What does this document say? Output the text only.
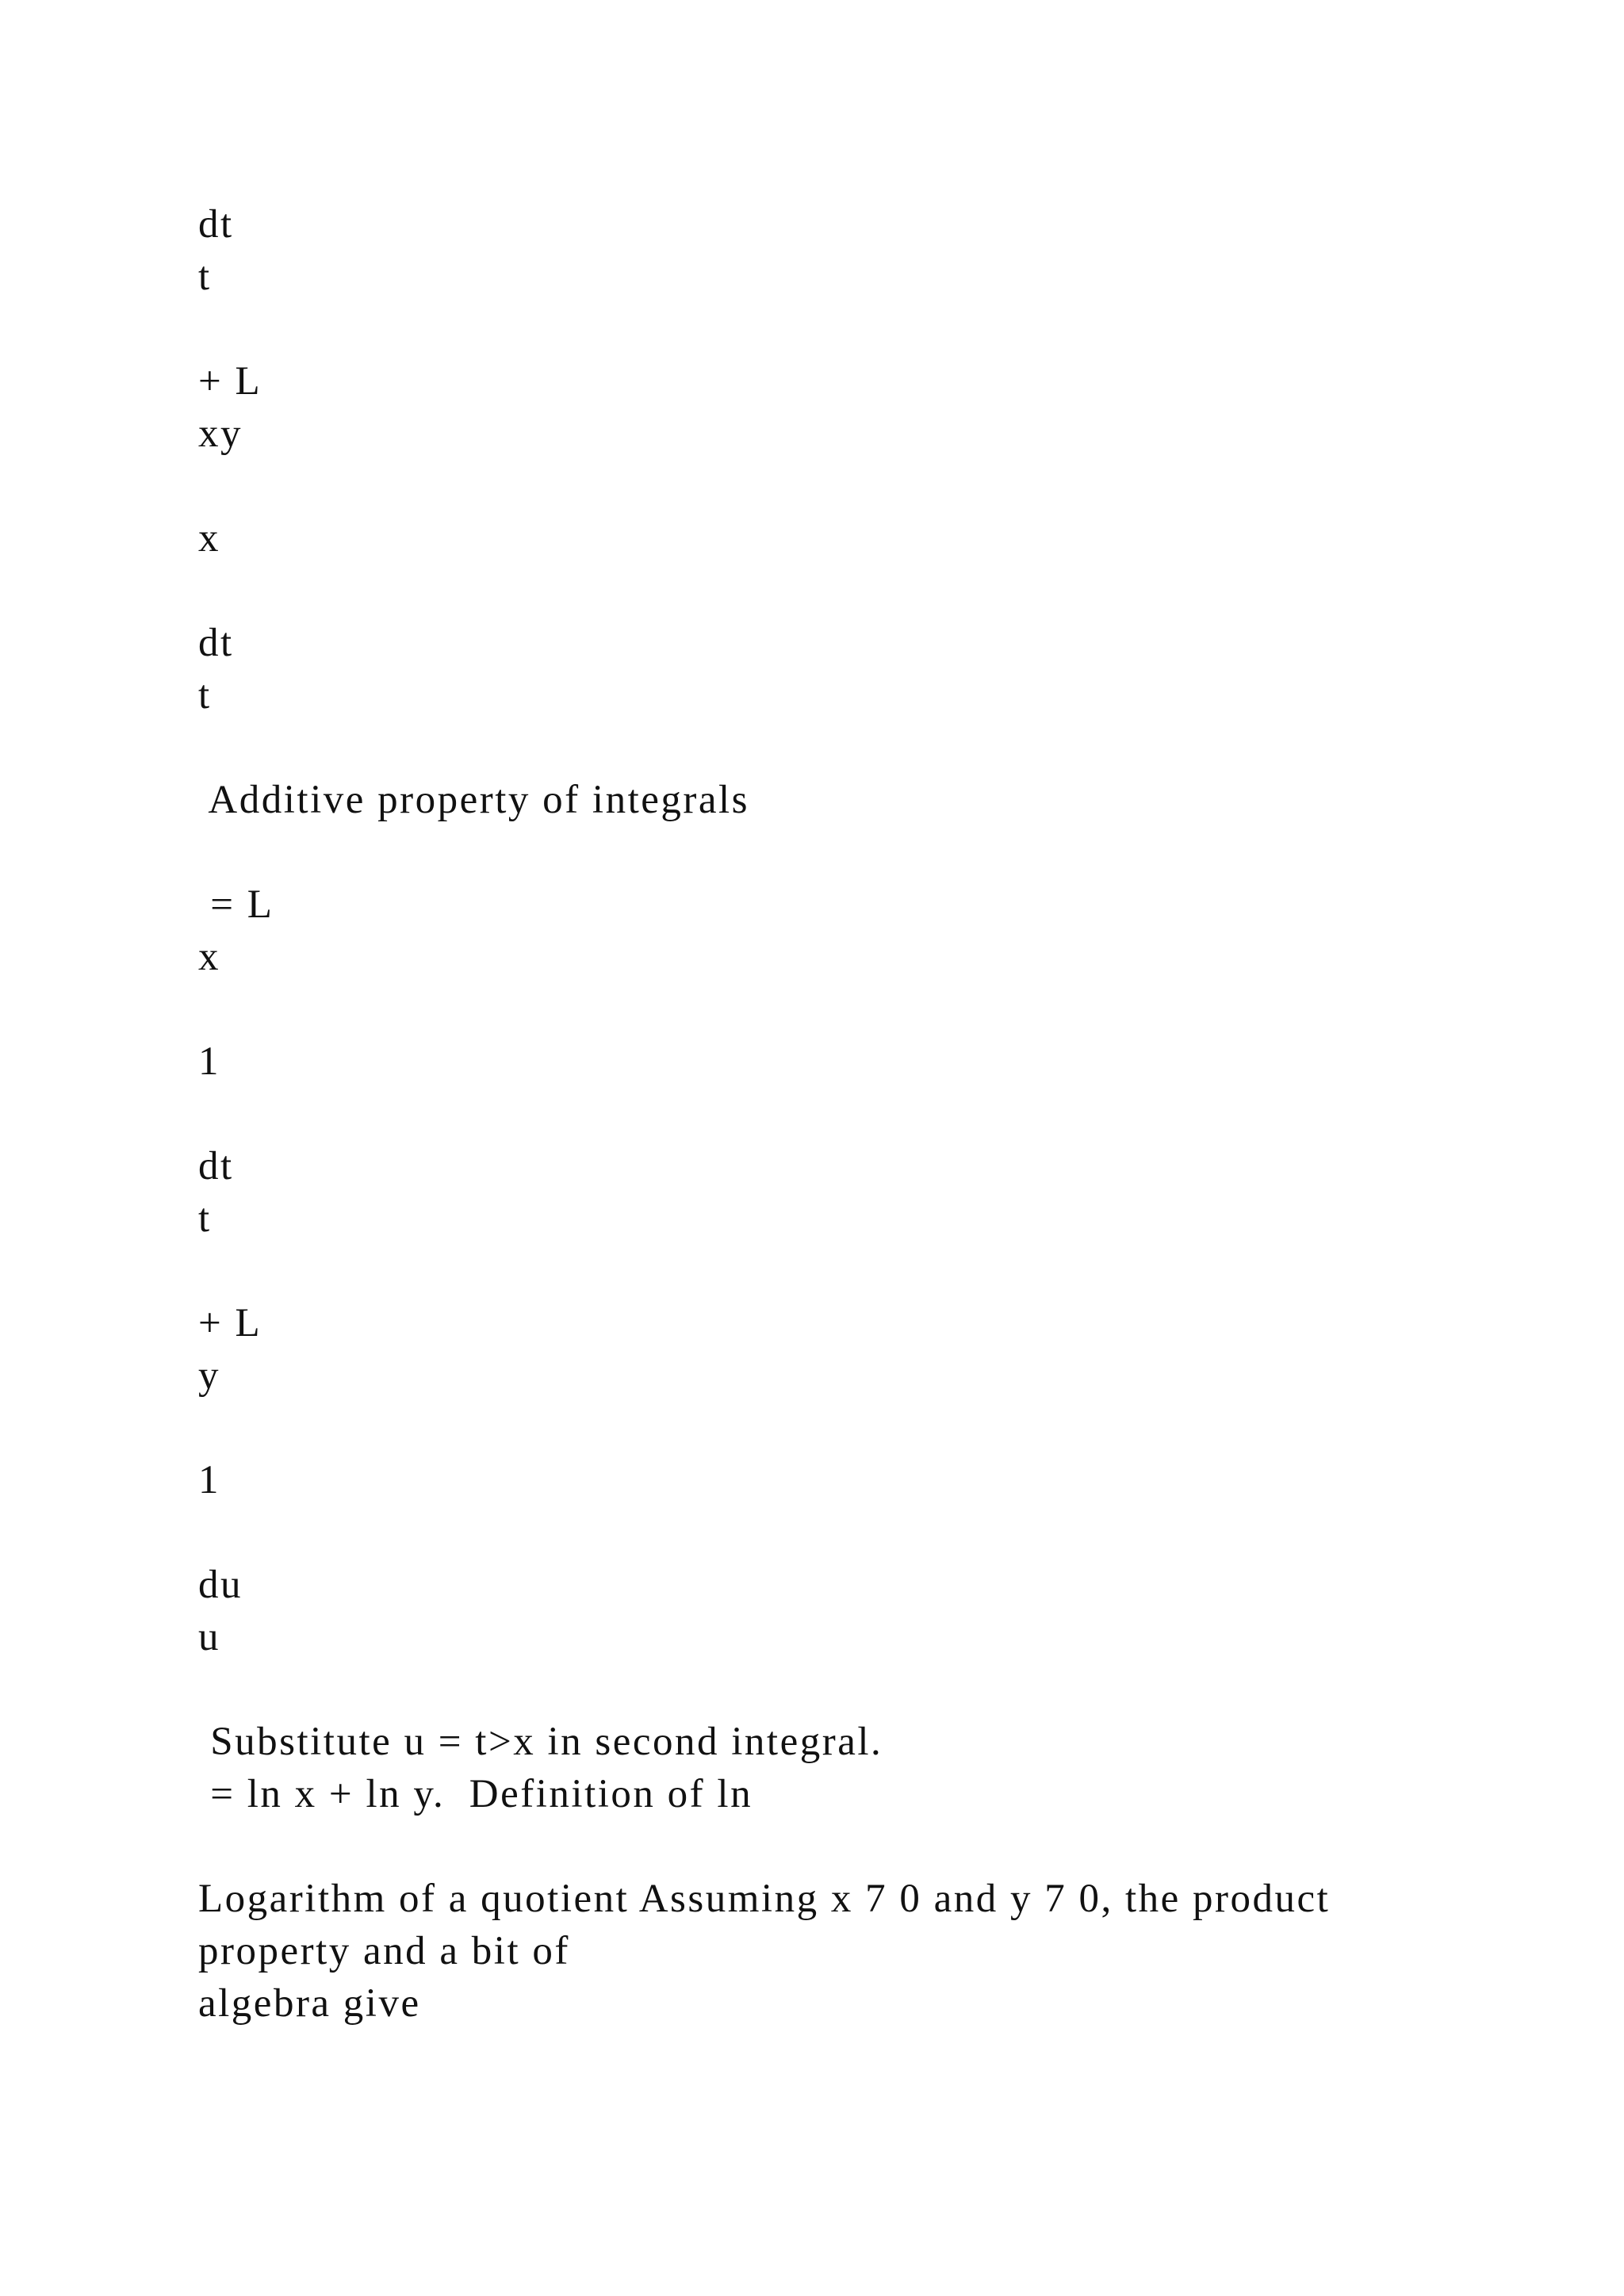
dt

t

+ L

xy

x

dt

t

Additive property of integrals

= L

x

1

dt

t

+ L

y

1

du

u

Substitute u = t>x in second integral.

= ln x + ln y.  Definition of ln

Logarithm of a quotient Assuming x 7 0 and y 7 0, the product

property and a bit of

algebra give
